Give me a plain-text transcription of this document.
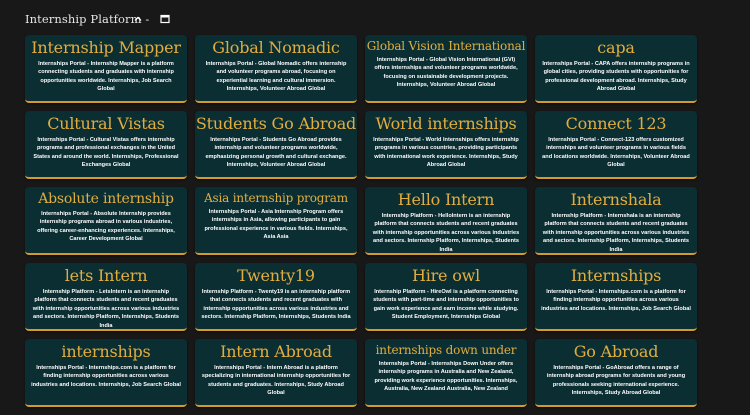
Internship Platform -
Internship Mapper
Internships Portal - Internship Mapper is a platform connecting students and graduates with internship opportunities worldwide. Internships, Job Search Global
Global Nomadic
Internships Portal - Global Nomadic offers internship and volunteer programs abroad, focusing on experiential learning and cultural immersion. Internships, Volunteer Abroad Global
Global Vision International
Internships Portal - Global Vision International (GVI) offers internships and volunteer programs worldwide, focusing on sustainable development projects. Internships, Volunteer Abroad Global
capa
Internships Portal - CAPA offers internship programs in global cities, providing students with opportunities for professional development abroad. Internships, Study Abroad Global
Cultural Vistas
Internships Portal - Cultural Vistas offers internship programs and professional exchanges in the United States and around the world. Internships, Professional Exchanges Global
Students Go Abroad
Internships Portal - Students Go Abroad provides internship and volunteer programs worldwide, emphasizing personal growth and cultural exchange. Internships, Volunteer Abroad Global
World internships
Internships Portal - World Internships offers internship programs in various countries, providing participants with international work experience. Internships, Study Abroad Global
Connect 123
Internships Portal - Connect-123 offers customized internships and volunteer programs in various fields and locations worldwide. Internships, Volunteer Abroad Global
Absolute internship
Internships Portal - Absolute Internship provides internship programs abroad in various industries, offering career-enhancing experiences. Internships, Career Development Global
Asia internship program
Internships Portal - Asia Internship Program offers internships in Asia, allowing participants to gain professional experience in various fields. Internships, Asia Asia
Hello Intern
Internship Platform - HelloIntern is an internship platform that connects students and recent graduates with internship opportunities across various industries and sectors. Internship Platform, Internships, Students India
Internshala
Internship Platform - Internshala is an internship platform that connects students and recent graduates with internship opportunities across various industries and sectors. Internship Platform, Internships, Students India
lets Intern
Internship Platform - LetsIntern is an internship platform that connects students and recent graduates with internship opportunities across various industries and sectors. Internship Platform, Internships, Students India
Twenty19
Internship Platform - Twenty19 is an internship platform that connects students and recent graduates with internship opportunities across various industries and sectors. Internship Platform, Internships, Students India
Hire owl
Internship Platform - HireOwl is a platform connecting students with part-time and internship opportunities to gain work experience and earn income while studying. Student Employment, Internships Global
Internships
Internships Portal - Internships.com is a platform for finding internship opportunities across various industries and locations. Internships, Job Search Global
internships
Internships Portal - Internships.com is a platform for finding internship opportunities across various industries and locations. Internships, Job Search Global
Intern Abroad
Internships Portal - Intern Abroad is a platform specializing in international internship opportunities for students and graduates. Internships, Study Abroad Global
internships down under
Internships Portal - Internships Down Under offers internship programs in Australia and New Zealand, providing work experience opportunities. Internships, Australia, New Zealand Australia, New Zealand
Go Abroad
Internships Portal - GoAbroad offers a range of internship abroad programs for students and young professionals seeking international experience. Internships, Study Abroad Global
